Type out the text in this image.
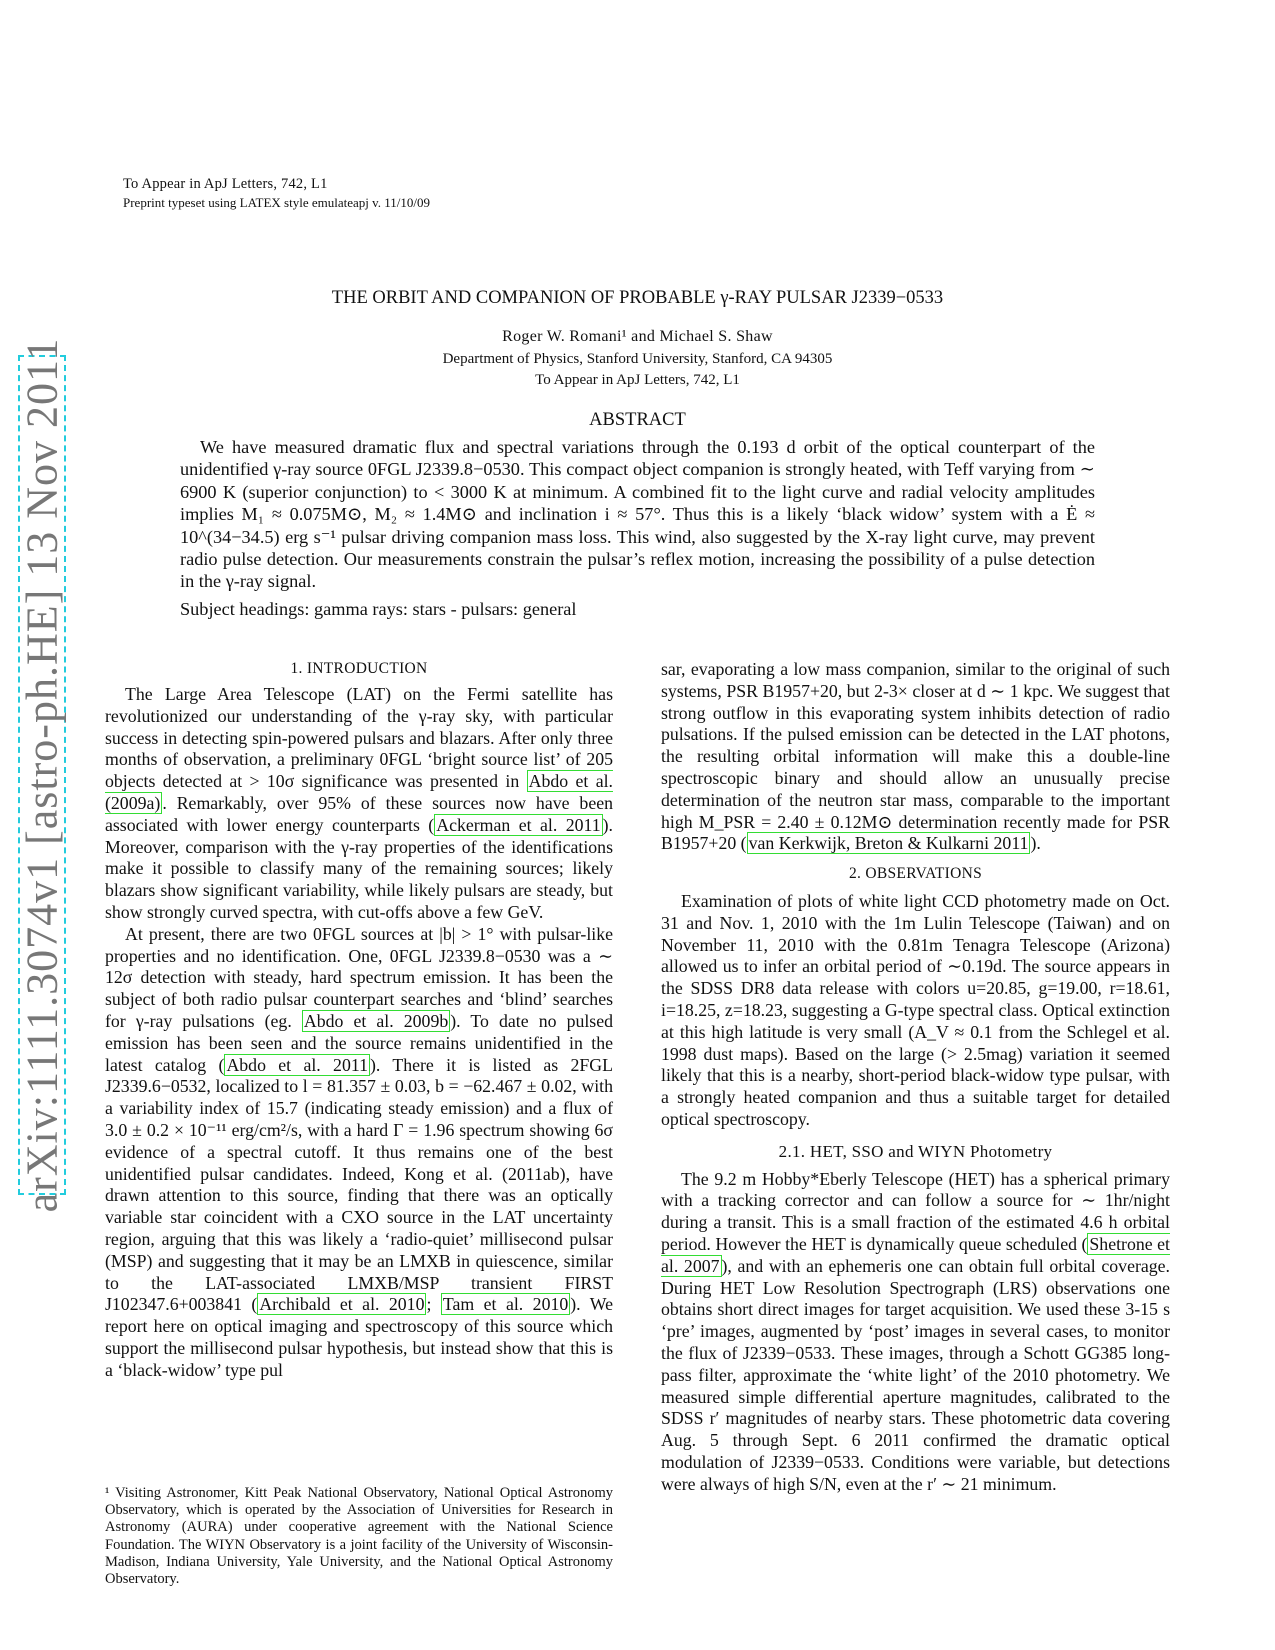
To Appear in ApJ Letters, 742, L1
Preprint typeset using LATEX style emulateapj v. 11/10/09
arXiv:1111.3074v1 [astro-ph.HE] 13 Nov 2011
THE ORBIT AND COMPANION OF PROBABLE γ-RAY PULSAR J2339−0533
Roger W. Romani¹ and Michael S. Shaw
Department of Physics, Stanford University, Stanford, CA 94305
To Appear in ApJ Letters, 742, L1
ABSTRACT
We have measured dramatic flux and spectral variations through the 0.193 d orbit of the optical counterpart of the unidentified γ-ray source 0FGL J2339.8−0530. This compact object companion is strongly heated, with Teff varying from ∼ 6900 K (superior conjunction) to < 3000 K at minimum. A combined fit to the light curve and radial velocity amplitudes implies M₁ ≈ 0.075M⊙, M₂ ≈ 1.4M⊙ and inclination i ≈ 57°. Thus this is a likely ‘black widow’ system with a Ė ≈ 10^(34−34.5) erg s⁻¹ pulsar driving companion mass loss. This wind, also suggested by the X-ray light curve, may prevent radio pulse detection. Our measurements constrain the pulsar’s reflex motion, increasing the possibility of a pulse detection in the γ-ray signal.
Subject headings: gamma rays: stars - pulsars: general
1. INTRODUCTION

The Large Area Telescope (LAT) on the Fermi satellite has revolutionized our understanding of the γ-ray sky, with particular success in detecting spin-powered pulsars and blazars. After only three months of observation, a preliminary 0FGL ‘bright source list’ of 205 objects detected at > 10σ significance was presented in Abdo et al. (2009a) . Remarkably, over 95% of these sources now have been associated with lower energy counterparts ( Ackerman et al. 2011 ). Moreover, comparison with the γ-ray properties of the identifications make it possible to classify many of the remaining sources; likely blazars show significant variability, while likely pulsars are steady, but show strongly curved spectra, with cut-offs above a few GeV.

At present, there are two 0FGL sources at |b| > 1° with pulsar-like properties and no identification. One, 0FGL J2339.8−0530 was a ∼ 12σ detection with steady, hard spectrum emission. It has been the subject of both radio pulsar counterpart searches and ‘blind’ searches for γ-ray pulsations (eg. Abdo et al. 2009b ). To date no pulsed emission has been seen and the source remains unidentified in the latest catalog ( Abdo et al. 2011 ). There it is listed as 2FGL J2339.6−0532, localized to l = 81.357 ± 0.03, b = −62.467 ± 0.02, with a variability index of 15.7 (indicating steady emission) and a flux of 3.0 ± 0.2 × 10⁻¹¹ erg/cm²/s, with a hard Γ = 1.96 spectrum showing 6σ evidence of a spectral cutoff. It thus remains one of the best unidentified pulsar candidates. Indeed, Kong et al. (2011ab), have drawn attention to this source, finding that there was an optically variable star coincident with a CXO source in the LAT uncertainty region, arguing that this was likely a ‘radio-quiet’ millisecond pulsar (MSP) and suggesting that it may be an LMXB in quiescence, similar to the LAT-associated LMXB/MSP transient FIRST J102347.6+003841 ( Archibald et al. 2010 ; Tam et al. 2010 ). We report here on optical imaging and spectroscopy of this source which support the millisecond pulsar hypothesis, but instead show that this is a ‘black-widow’ type pul

¹ Visiting Astronomer, Kitt Peak National Observatory, National Optical Astronomy Observatory, which is operated by the Association of Universities for Research in Astronomy (AURA) under cooperative agreement with the National Science Foundation. The WIYN Observatory is a joint facility of the University of Wisconsin-Madison, Indiana University, Yale University, and the National Optical Astronomy Observatory.

sar, evaporating a low mass companion, similar to the original of such systems, PSR B1957+20, but 2-3× closer at d ∼ 1 kpc. We suggest that strong outflow in this evaporating system inhibits detection of radio pulsations. If the pulsed emission can be detected in the LAT photons, the resulting orbital information will make this a double-line spectroscopic binary and should allow an unusually precise determination of the neutron star mass, comparable to the important high M_PSR = 2.40 ± 0.12M⊙ determination recently made for PSR B1957+20 ( van Kerkwijk, Breton & Kulkarni 2011 ).

2. OBSERVATIONS

Examination of plots of white light CCD photometry made on Oct. 31 and Nov. 1, 2010 with the 1m Lulin Telescope (Taiwan) and on November 11, 2010 with the 0.81m Tenagra Telescope (Arizona) allowed us to infer an orbital period of ∼0.19d. The source appears in the SDSS DR8 data release with colors u=20.85, g=19.00, r=18.61, i=18.25, z=18.23, suggesting a G-type spectral class. Optical extinction at this high latitude is very small (A_V ≈ 0.1 from the Schlegel et al. 1998 dust maps). Based on the large (> 2.5mag) variation it seemed likely that this is a nearby, short-period black-widow type pulsar, with a strongly heated companion and thus a suitable target for detailed optical spectroscopy.

2.1. HET, SSO and WIYN Photometry

The 9.2 m Hobby*Eberly Telescope (HET) has a spherical primary with a tracking corrector and can follow a source for ∼ 1hr/night during a transit. This is a small fraction of the estimated 4.6 h orbital period. However the HET is dynamically queue scheduled ( Shetrone et al. 2007 ), and with an ephemeris one can obtain full orbital coverage. During HET Low Resolution Spectrograph (LRS) observations one obtains short direct images for target acquisition. We used these 3-15 s ‘pre’ images, augmented by ‘post’ images in several cases, to monitor the flux of J2339−0533. These images, through a Schott GG385 long-pass filter, approximate the ‘white light’ of the 2010 photometry. We measured simple differential aperture magnitudes, calibrated to the SDSS r′ magnitudes of nearby stars. These photometric data covering Aug. 5 through Sept. 6 2011 confirmed the dramatic optical modulation of J2339−0533. Conditions were variable, but detections were always of high S/N, even at the r′ ∼ 21 minimum.
